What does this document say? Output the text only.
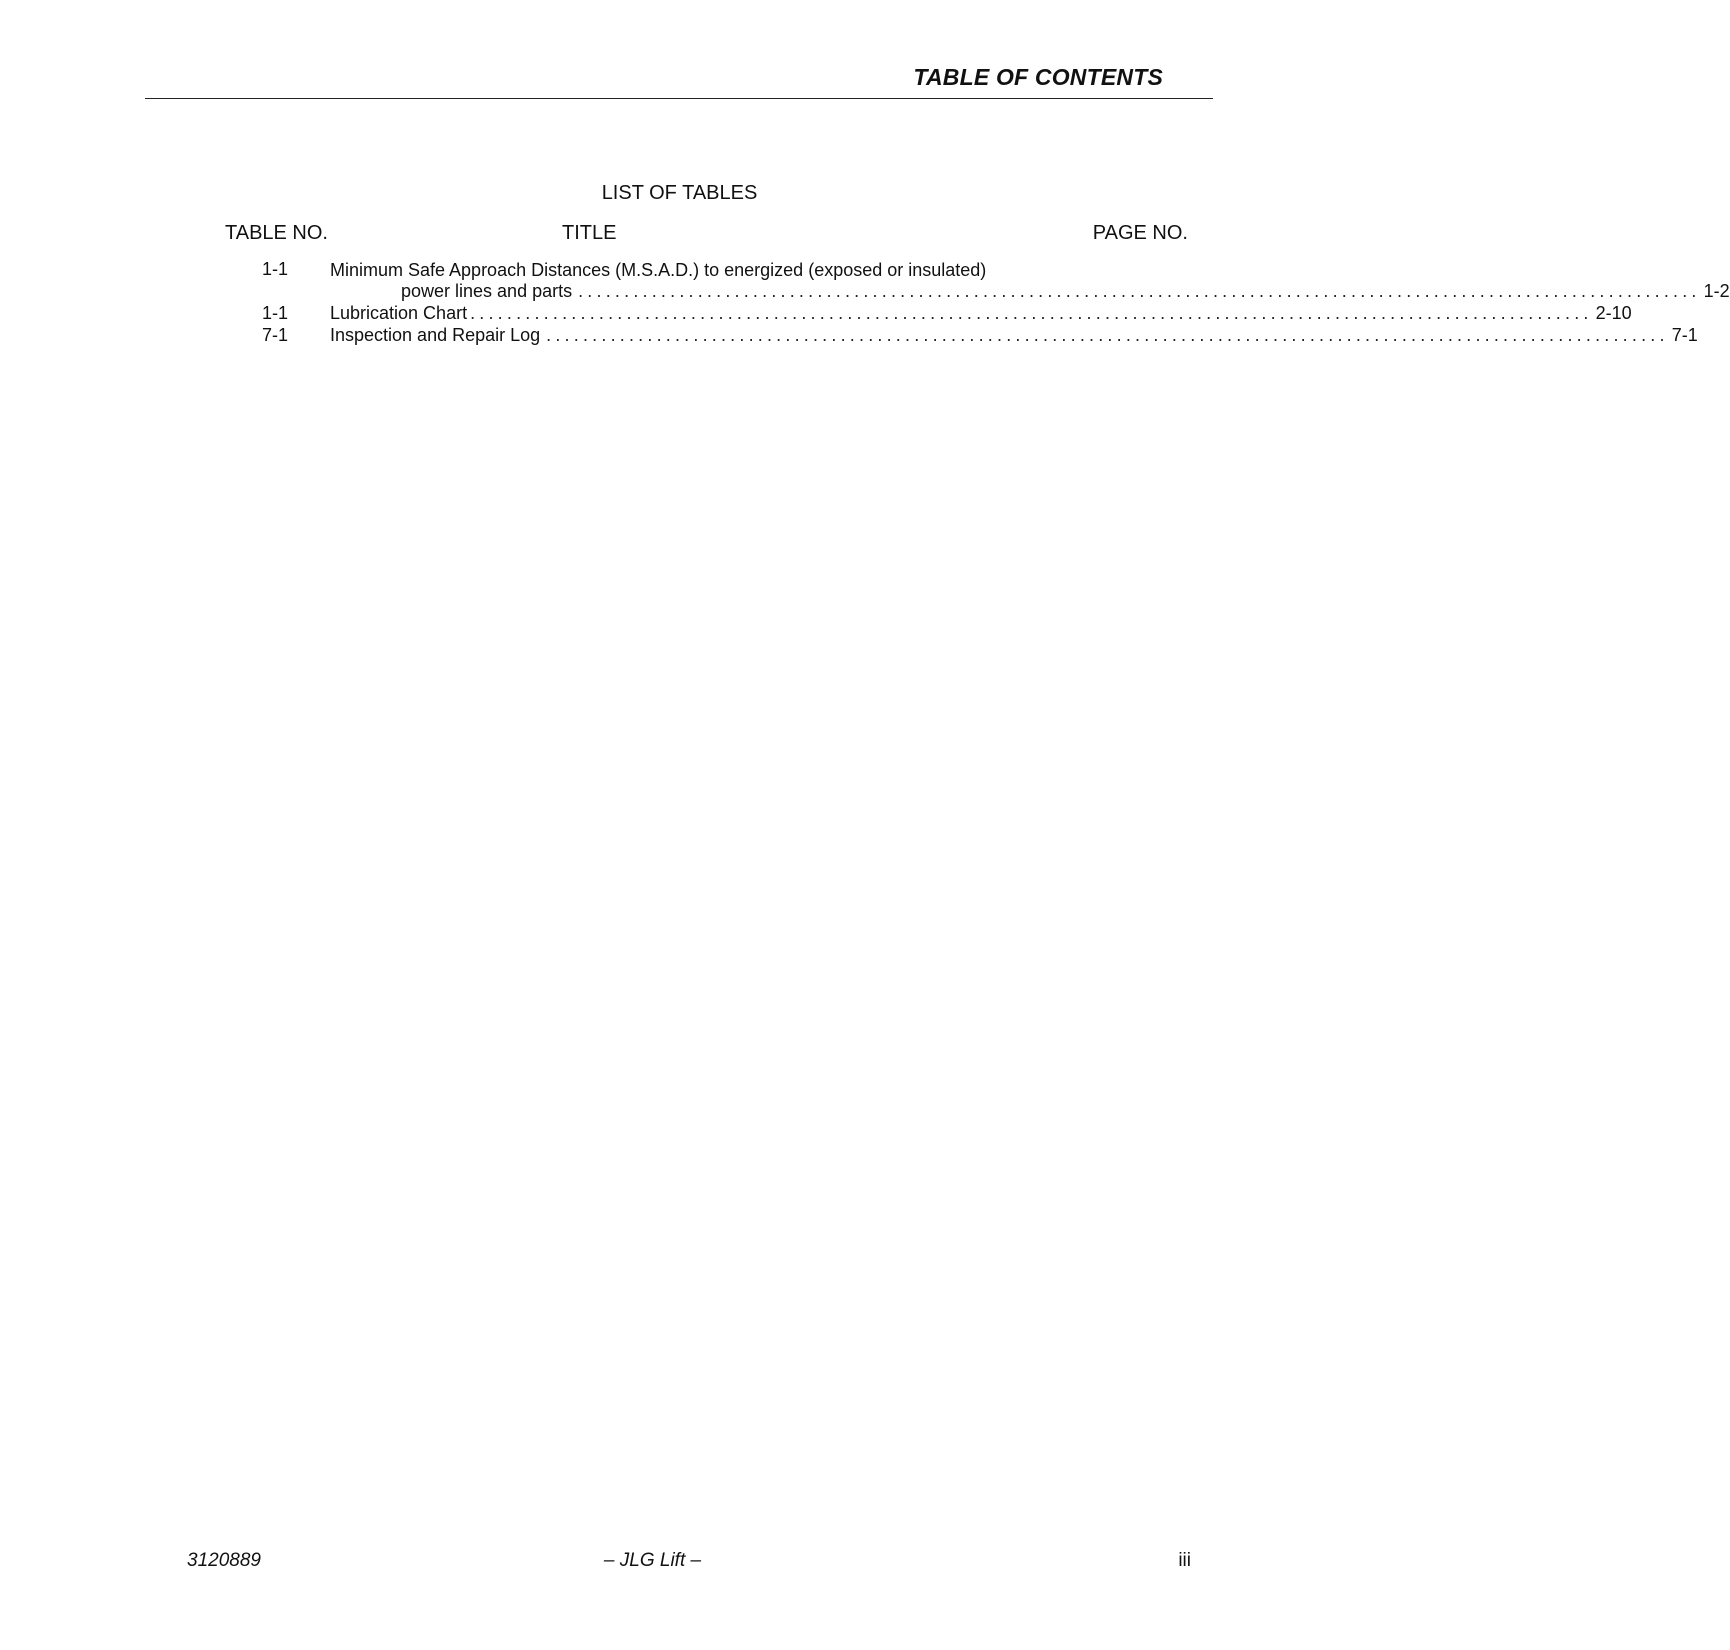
TABLE OF CONTENTS
LIST OF TABLES
TABLE NO.	TITLE	PAGE NO.
1-1 Minimum Safe Approach Distances (M.S.A.D.) to energized (exposed or insulated)
power lines and parts .......................................................................................................................... 1-2
1-1 Lubrication Chart .......................................................................................................................... 2-10
7-1 Inspection and Repair Log .......................................................................................................................... 7-1
3120889	– JLG Lift –	iii
